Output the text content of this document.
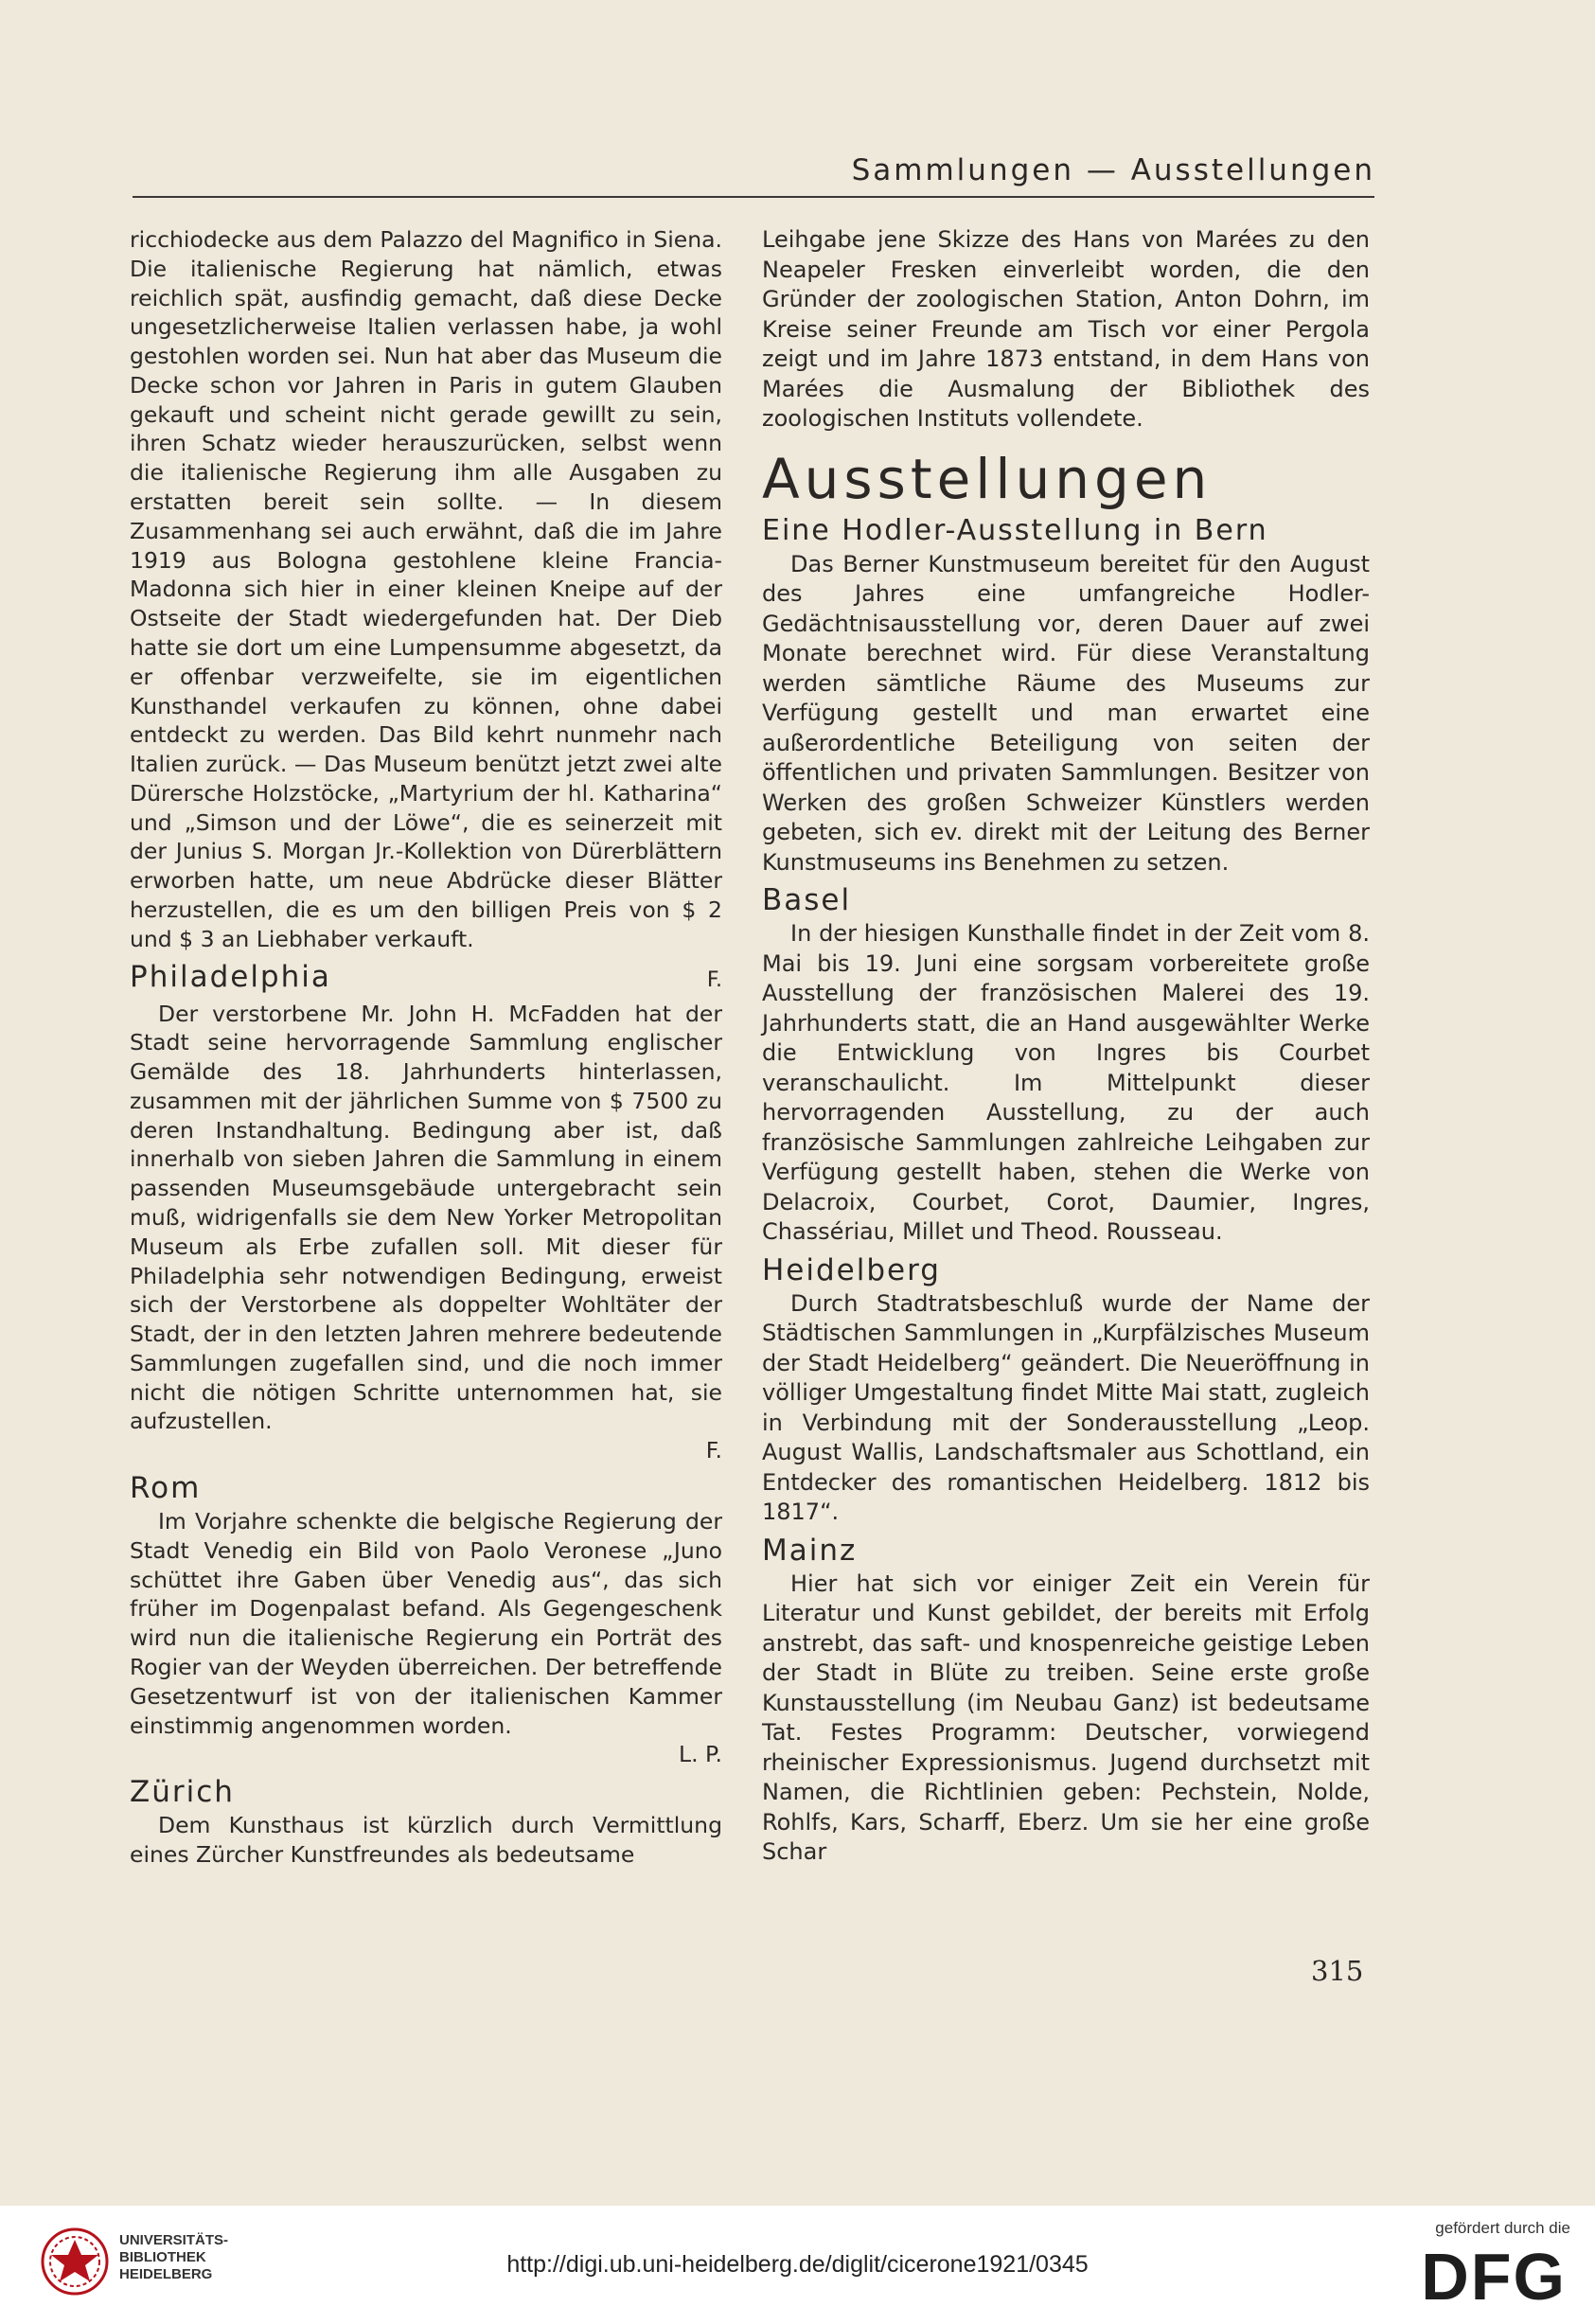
Sammlungen — Ausstellungen

ricchiodecke aus dem Palazzo del Magnifico in Siena. Die italienische Regierung hat nämlich, etwas reichlich spät, ausfindig gemacht, daß diese Decke ungesetzlicherweise Italien verlassen habe, ja wohl gestohlen worden sei. Nun hat aber das Museum die Decke schon vor Jahren in Paris in gutem Glauben gekauft und scheint nicht gerade gewillt zu sein, ihren Schatz wieder herauszurücken, selbst wenn die italienische Regierung ihm alle Ausgaben zu erstatten bereit sein sollte. — In diesem Zusammenhang sei auch erwähnt, daß die im Jahre 1919 aus Bologna gestohlene kleine Francia-Madonna sich hier in einer kleinen Kneipe auf der Ostseite der Stadt wiedergefunden hat. Der Dieb hatte sie dort um eine Lumpensumme abgesetzt, da er offenbar verzweifelte, sie im eigentlichen Kunsthandel verkaufen zu können, ohne dabei entdeckt zu werden. Das Bild kehrt nunmehr nach Italien zurück. — Das Museum benützt jetzt zwei alte Dürersche Holzstöcke, „Martyrium der hl. Katharina“ und „Simson und der Löwe“, die es seinerzeit mit der Junius S. Morgan Jr.-Kollektion von Dürerblättern erworben hatte, um neue Abdrücke dieser Blätter herzustellen, die es um den billigen Preis von $ 2 und $ 3 an Liebhaber verkauft.

Philadelphia	F.

Der verstorbene Mr. John H. McFadden hat der Stadt seine hervorragende Sammlung englischer Gemälde des 18. Jahrhunderts hinterlassen, zusammen mit der jährlichen Summe von $ 7500 zu deren Instandhaltung. Bedingung aber ist, daß innerhalb von sieben Jahren die Sammlung in einem passenden Museumsgebäude untergebracht sein muß, widrigenfalls sie dem New Yorker Metropolitan Museum als Erbe zufallen soll. Mit dieser für Philadelphia sehr notwendigen Bedingung, erweist sich der Verstorbene als doppelter Wohltäter der Stadt, der in den letzten Jahren mehrere bedeutende Sammlungen zugefallen sind, und die noch immer nicht die nötigen Schritte unternommen hat, sie aufzustellen.

F.
Rom

Im Vorjahre schenkte die belgische Regierung der Stadt Venedig ein Bild von Paolo Veronese „Juno schüttet ihre Gaben über Venedig aus“, das sich früher im Dogenpalast befand. Als Gegengeschenk wird nun die italienische Regierung ein Porträt des Rogier van der Weyden überreichen. Der betreffende Gesetzentwurf ist von der italienischen Kammer einstimmig angenommen worden.

L. P.
Zürich

Dem Kunsthaus ist kürzlich durch Vermittlung eines Zürcher Kunstfreundes als bedeutsame

Leihgabe jene Skizze des Hans von Marées zu den Neapeler Fresken einverleibt worden, die den Gründer der zoologischen Station, Anton Dohrn, im Kreise seiner Freunde am Tisch vor einer Pergola zeigt und im Jahre 1873 entstand, in dem Hans von Marées die Ausmalung der Bibliothek des zoologischen Instituts vollendete.

Ausstellungen
Eine Hodler-Ausstellung in Bern

Das Berner Kunstmuseum bereitet für den August des Jahres eine umfangreiche Hodler-Gedächtnisausstellung vor, deren Dauer auf zwei Monate berechnet wird. Für diese Veranstaltung werden sämtliche Räume des Museums zur Verfügung gestellt und man erwartet eine außerordentliche Beteiligung von seiten der öffentlichen und privaten Sammlungen. Besitzer von Werken des großen Schweizer Künstlers werden gebeten, sich ev. direkt mit der Leitung des Berner Kunstmuseums ins Benehmen zu setzen.

Basel

In der hiesigen Kunsthalle findet in der Zeit vom 8. Mai bis 19. Juni eine sorgsam vorbereitete große Ausstellung der französischen Malerei des 19. Jahrhunderts statt, die an Hand ausgewählter Werke die Entwicklung von Ingres bis Courbet veranschaulicht. Im Mittelpunkt dieser hervorragenden Ausstellung, zu der auch französische Sammlungen zahlreiche Leihgaben zur Verfügung gestellt haben, stehen die Werke von Delacroix, Courbet, Corot, Daumier, Ingres, Chassériau, Millet und Theod. Rousseau.

Heidelberg

Durch Stadtratsbeschluß wurde der Name der Städtischen Sammlungen in „Kurpfälzisches Museum der Stadt Heidelberg“ geändert. Die Neueröffnung in völliger Umgestaltung findet Mitte Mai statt, zugleich in Verbindung mit der Sonderausstellung „Leop. August Wallis, Landschaftsmaler aus Schottland, ein Entdecker des romantischen Heidelberg. 1812 bis 1817“.

Mainz

Hier hat sich vor einiger Zeit ein Verein für Literatur und Kunst gebildet, der bereits mit Erfolg anstrebt, das saft- und knospenreiche geistige Leben der Stadt in Blüte zu treiben. Seine erste große Kunstausstellung (im Neubau Ganz) ist bedeutsame Tat. Festes Programm: Deutscher, vorwiegend rheinischer Expressionismus. Jugend durchsetzt mit Namen, die Richtlinien geben: Pechstein, Nolde, Rohlfs, Kars, Scharff, Eberz. Um sie her eine große Schar

315
UNIVERSITÄTS-
BIBLIOTHEK
HEIDELBERG	http://digi.ub.uni-heidelberg.de/diglit/cicerone1921/0345
gefördert durch die
DFG
